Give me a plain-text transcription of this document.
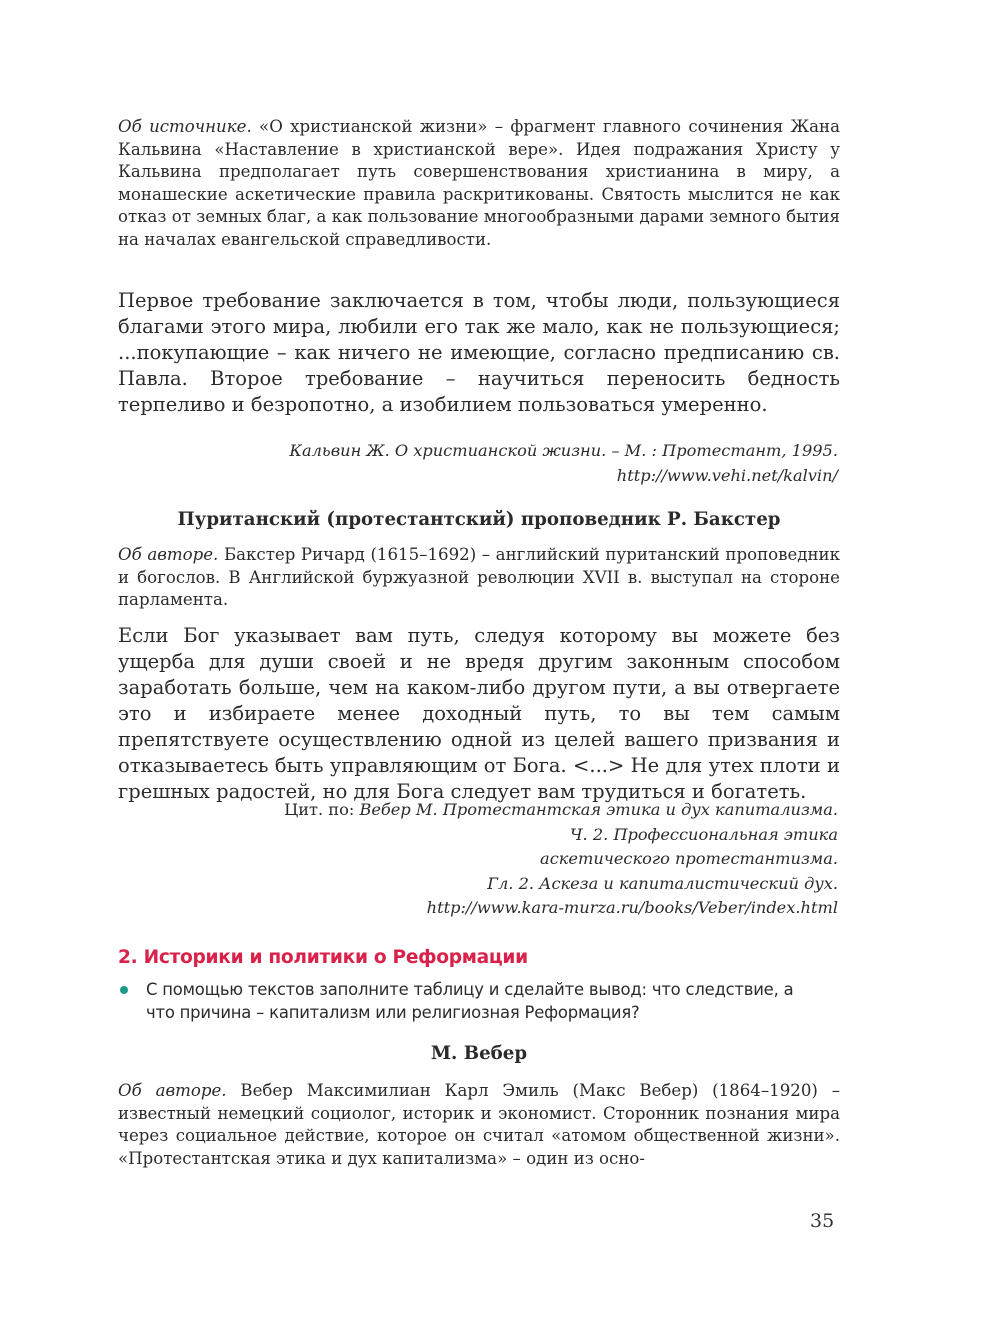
Об источнике. «О христианской жизни» – фрагмент главного сочинения Жана Кальвина «Наставление в христианской вере». Идея подражания Христу у Кальвина предполагает путь совершенствования христианина в миру, а монашеские аскетические правила раскритикованы. Святость мыслится не как отказ от земных благ, а как пользование многообразными дарами земного бытия на началах евангельской справедливости.

Первое требование заключается в том, чтобы люди, пользующиеся благами этого мира, любили его так же мало, как не пользующиеся; ...покупающие – как ничего не имеющие, согласно предписанию св. Павла. Второе требование – научиться переносить бедность терпеливо и безропотно, а изобилием пользоваться умеренно.

Кальвин Ж. О христианской жизни. – М. : Протестант, 1995.
http://www.vehi.net/kalvin/
Пуританский (протестантский) проповедник Р. Бакстер

Об авторе. Бакстер Ричард (1615–1692) – английский пуританский проповедник и богослов. В Английской буржуазной революции XVII в. выступал на стороне парламента.

Если Бог указывает вам путь, следуя которому вы можете без ущерба для души своей и не вредя другим законным способом заработать больше, чем на каком-либо другом пути, а вы отвергаете это и избираете менее доходный путь, то вы тем самым препятствуете осуществлению одной из целей вашего призвания и отказываетесь быть управляющим от Бога. <...> Не для утех плоти и грешных радостей, но для Бога следует вам трудиться и богатеть.

Цит. по: Вебер М. Протестантская этика и дух капитализма.
Ч. 2. Профессиональная этика
аскетического протестантизма.
Гл. 2. Аскеза и капиталистический дух.
http://www.kara-murza.ru/books/Veber/index.html
2. Историки и политики о Реформации
С помощью текстов заполните таблицу и сделайте вывод: что следствие, а что причина – капитализм или религиозная Реформация?
М. Вебер

Об авторе. Вебер Максимилиан Карл Эмиль (Макс Вебер) (1864–1920) – известный немецкий социолог, историк и экономист. Сторонник познания мира через социальное действие, которое он считал «атомом общественной жизни». «Протестантская этика и дух капитализма» – один из осно-

35
